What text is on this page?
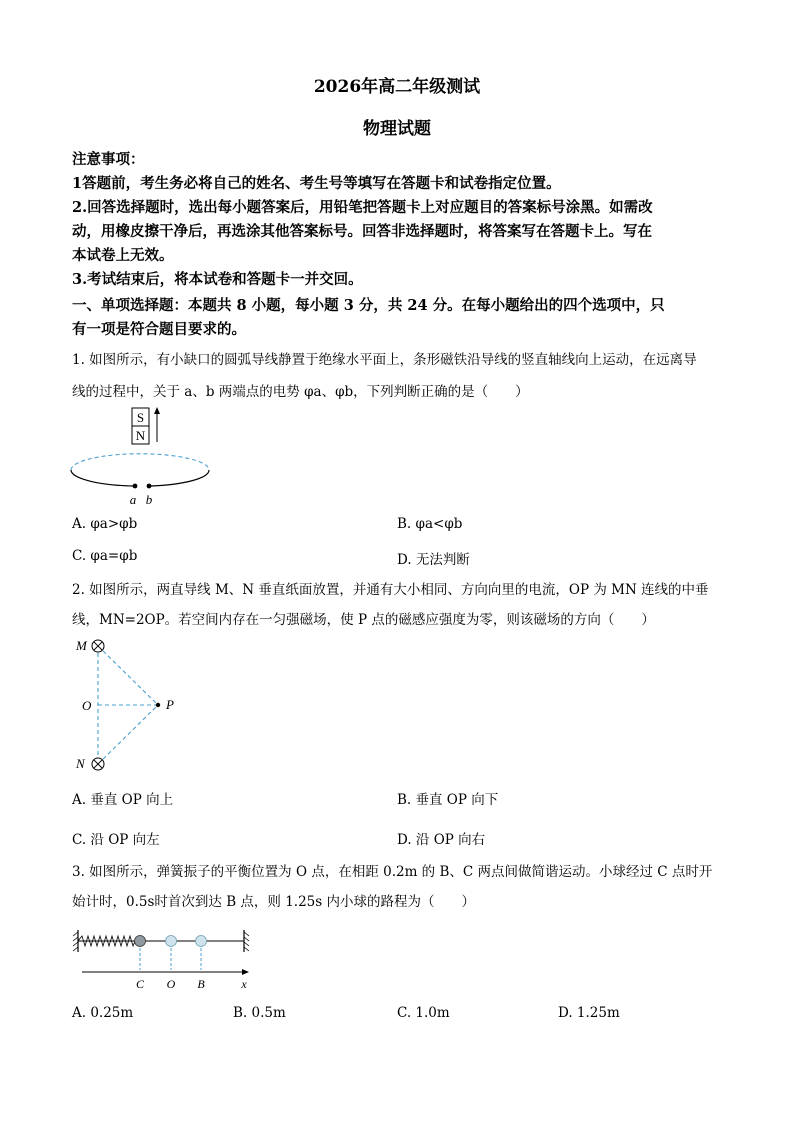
2026年高二年级测试
物理试题
注意事项：
1答题前，考生务必将自己的姓名、考生号等填写在答题卡和试卷指定位置。
2.回答选择题时，选出每小题答案后，用铅笔把答题卡上对应题目的答案标号涂黑。如需改
动，用橡皮擦干净后，再选涂其他答案标号。回答非选择题时，将答案写在答题卡上。写在
本试卷上无效。
3.考试结束后，将本试卷和答题卡一并交回。
一、单项选择题：本题共 8 小题，每小题 3 分，共 24 分。在每小题给出的四个选项中，只
有一项是符合题目要求的。
1. 如图所示，有小缺口的圆弧导线静置于绝缘水平面上，条形磁铁沿导线的竖直轴线向上运动，在远离导
线的过程中，关于 a、b 两端点的电势 φa、φb，下列判断正确的是（　　）
S
N
a b
A. φa>φb	B. φa<φb
C. φa=φb	D. 无法判断
2. 如图所示，两直导线 M、N 垂直纸面放置，并通有大小相同、方向向里的电流，OP 为 MN 连线的中垂
线，MN=2OP。若空间内存在一匀强磁场，使 P 点的磁感应强度为零，则该磁场的方向（　　）
M
N
O	P
A. 垂直 OP 向上	B. 垂直 OP 向下
C. 沿 OP 向左	D. 沿 OP 向右
3. 如图所示，弹簧振子的平衡位置为 O 点，在相距 0.2m 的 B、C 两点间做简谐运动。小球经过 C 点时开
始计时，0.5s时首次到达 B 点，则 1.25s 内小球的路程为（　　）
C O B	x
A. 0.25m	B. 0.5m	C. 1.0m	D. 1.25m
